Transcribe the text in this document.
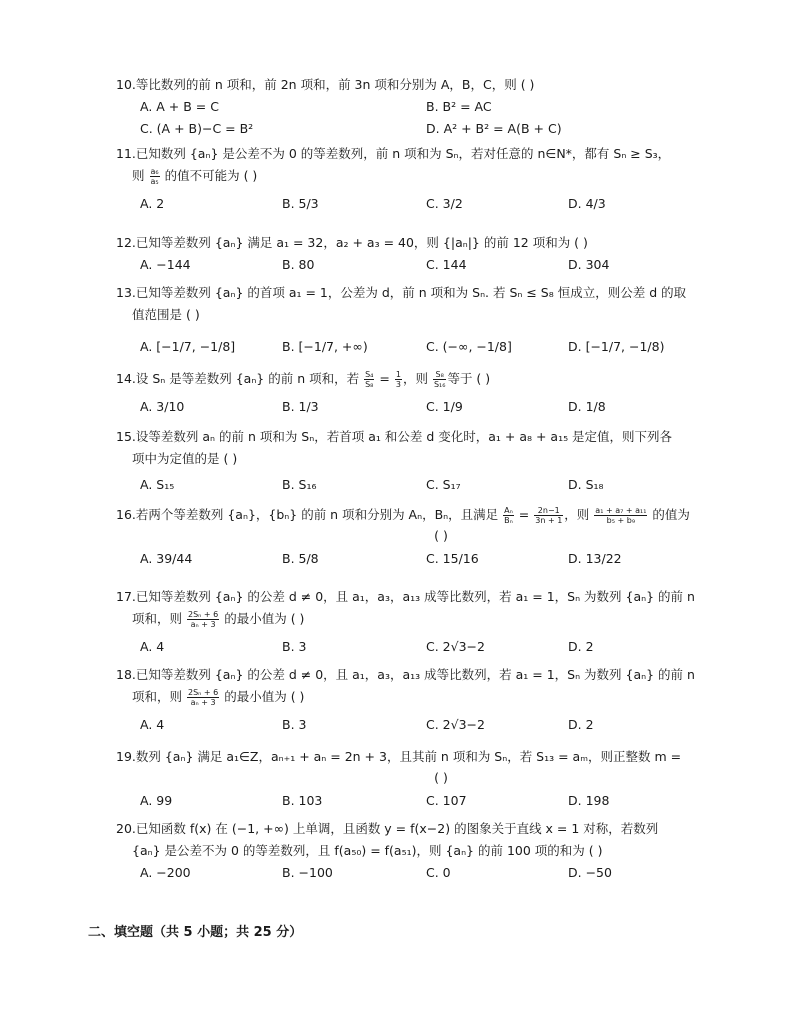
10.等比数列的前 n 项和，前 2n 项和，前 3n 项和分别为 A，B，C，则 ( )
A. A + B = C	B. B² = AC
C. (A + B)−C = B²	D. A² + B² = A(B + C)
11.已知数列 {aₙ} 是公差不为 0 的等差数列，前 n 项和为 Sₙ，若对任意的 n∈N*，都有 Sₙ ≥ S₃，
则 $\frac{\text{a₆}}{\text{a₅}}$ 的值不可能为 ( )
A. 2	B. 5/3	C. 3/2	D. 4/3
12.已知等差数列 {aₙ} 满足 a₁ = 32，a₂ + a₃ = 40，则 {|aₙ|} 的前 12 项和为 ( )
A. −144	B. 80	C. 144	D. 304
13.已知等差数列 {aₙ} 的首项 a₁ = 1，公差为 d，前 n 项和为 Sₙ. 若 Sₙ ≤ S₈ 恒成立，则公差 d 的取
值范围是 ( )
A. [−1/7, −1/8]	B. [−1/7, +∞)	C. (−∞, −1/8]	D. [−1/7, −1/8)
14.设 Sₙ 是等差数列 {aₙ} 的前 n 项和，若 $\frac{\text{S₄}}{\text{S₈}} = \frac{1}{3}$ ，则 $\frac{\text{S₈}}{\text{S₁₆}}$ 等于 ( )
A. 3/10	B. 1/3	C. 1/9	D. 1/8
15.设等差数列 aₙ 的前 n 项和为 Sₙ，若首项 a₁ 和公差 d 变化时，a₁ + a₈ + a₁₅ 是定值，则下列各
项中为定值的是 ( )
A. S₁₅	B. S₁₆	C. S₁₇	D. S₁₈
16.若两个等差数列 {aₙ}，{bₙ} 的前 n 项和分别为 Aₙ，Bₙ，且满足 $\frac{\text{Aₙ}}{\text{Bₙ}} = \frac{2n-1}{3n + 1}$ ，则 $\frac{\text{a₁ + a₇ + a₁₁}}{\text{b₅ + b₉}}$ 的值为
( )
A. 39/44	B. 5/8	C. 15/16	D. 13/22
17.已知等差数列 {aₙ} 的公差 d ≠ 0，且 a₁，a₃，a₁₃ 成等比数列，若 a₁ = 1，Sₙ 为数列 {aₙ} 的前 n
项和，则 $\frac{\text{2Sₙ + 6}}{\text{aₙ + 3}}$ 的最小值为 ( )
A. 4	B. 3	C. 2√3−2	D. 2
18.已知等差数列 {aₙ} 的公差 d ≠ 0，且 a₁，a₃，a₁₃ 成等比数列，若 a₁ = 1，Sₙ 为数列 {aₙ} 的前 n
项和，则 $\frac{\text{2Sₙ + 6}}{\text{aₙ + 3}}$ 的最小值为 ( )
A. 4	B. 3	C. 2√3−2	D. 2
19.数列 {aₙ} 满足 a₁∈Z，aₙ₊₁ + aₙ = 2n + 3，且其前 n 项和为 Sₙ，若 S₁₃ = aₘ，则正整数 m =
( )
A. 99	B. 103	C. 107	D. 198
20.已知函数 f(x) 在 (−1, +∞) 上单调，且函数 y = f(x−2) 的图象关于直线 x = 1 对称，若数列
{aₙ} 是公差不为 0 的等差数列，且 f(a₅₀) = f(a₅₁)，则 {aₙ} 的前 100 项的和为 ( )
A. −200	B. −100	C. 0	D. −50
二、填空题（共 5 小题；共 25 分）
